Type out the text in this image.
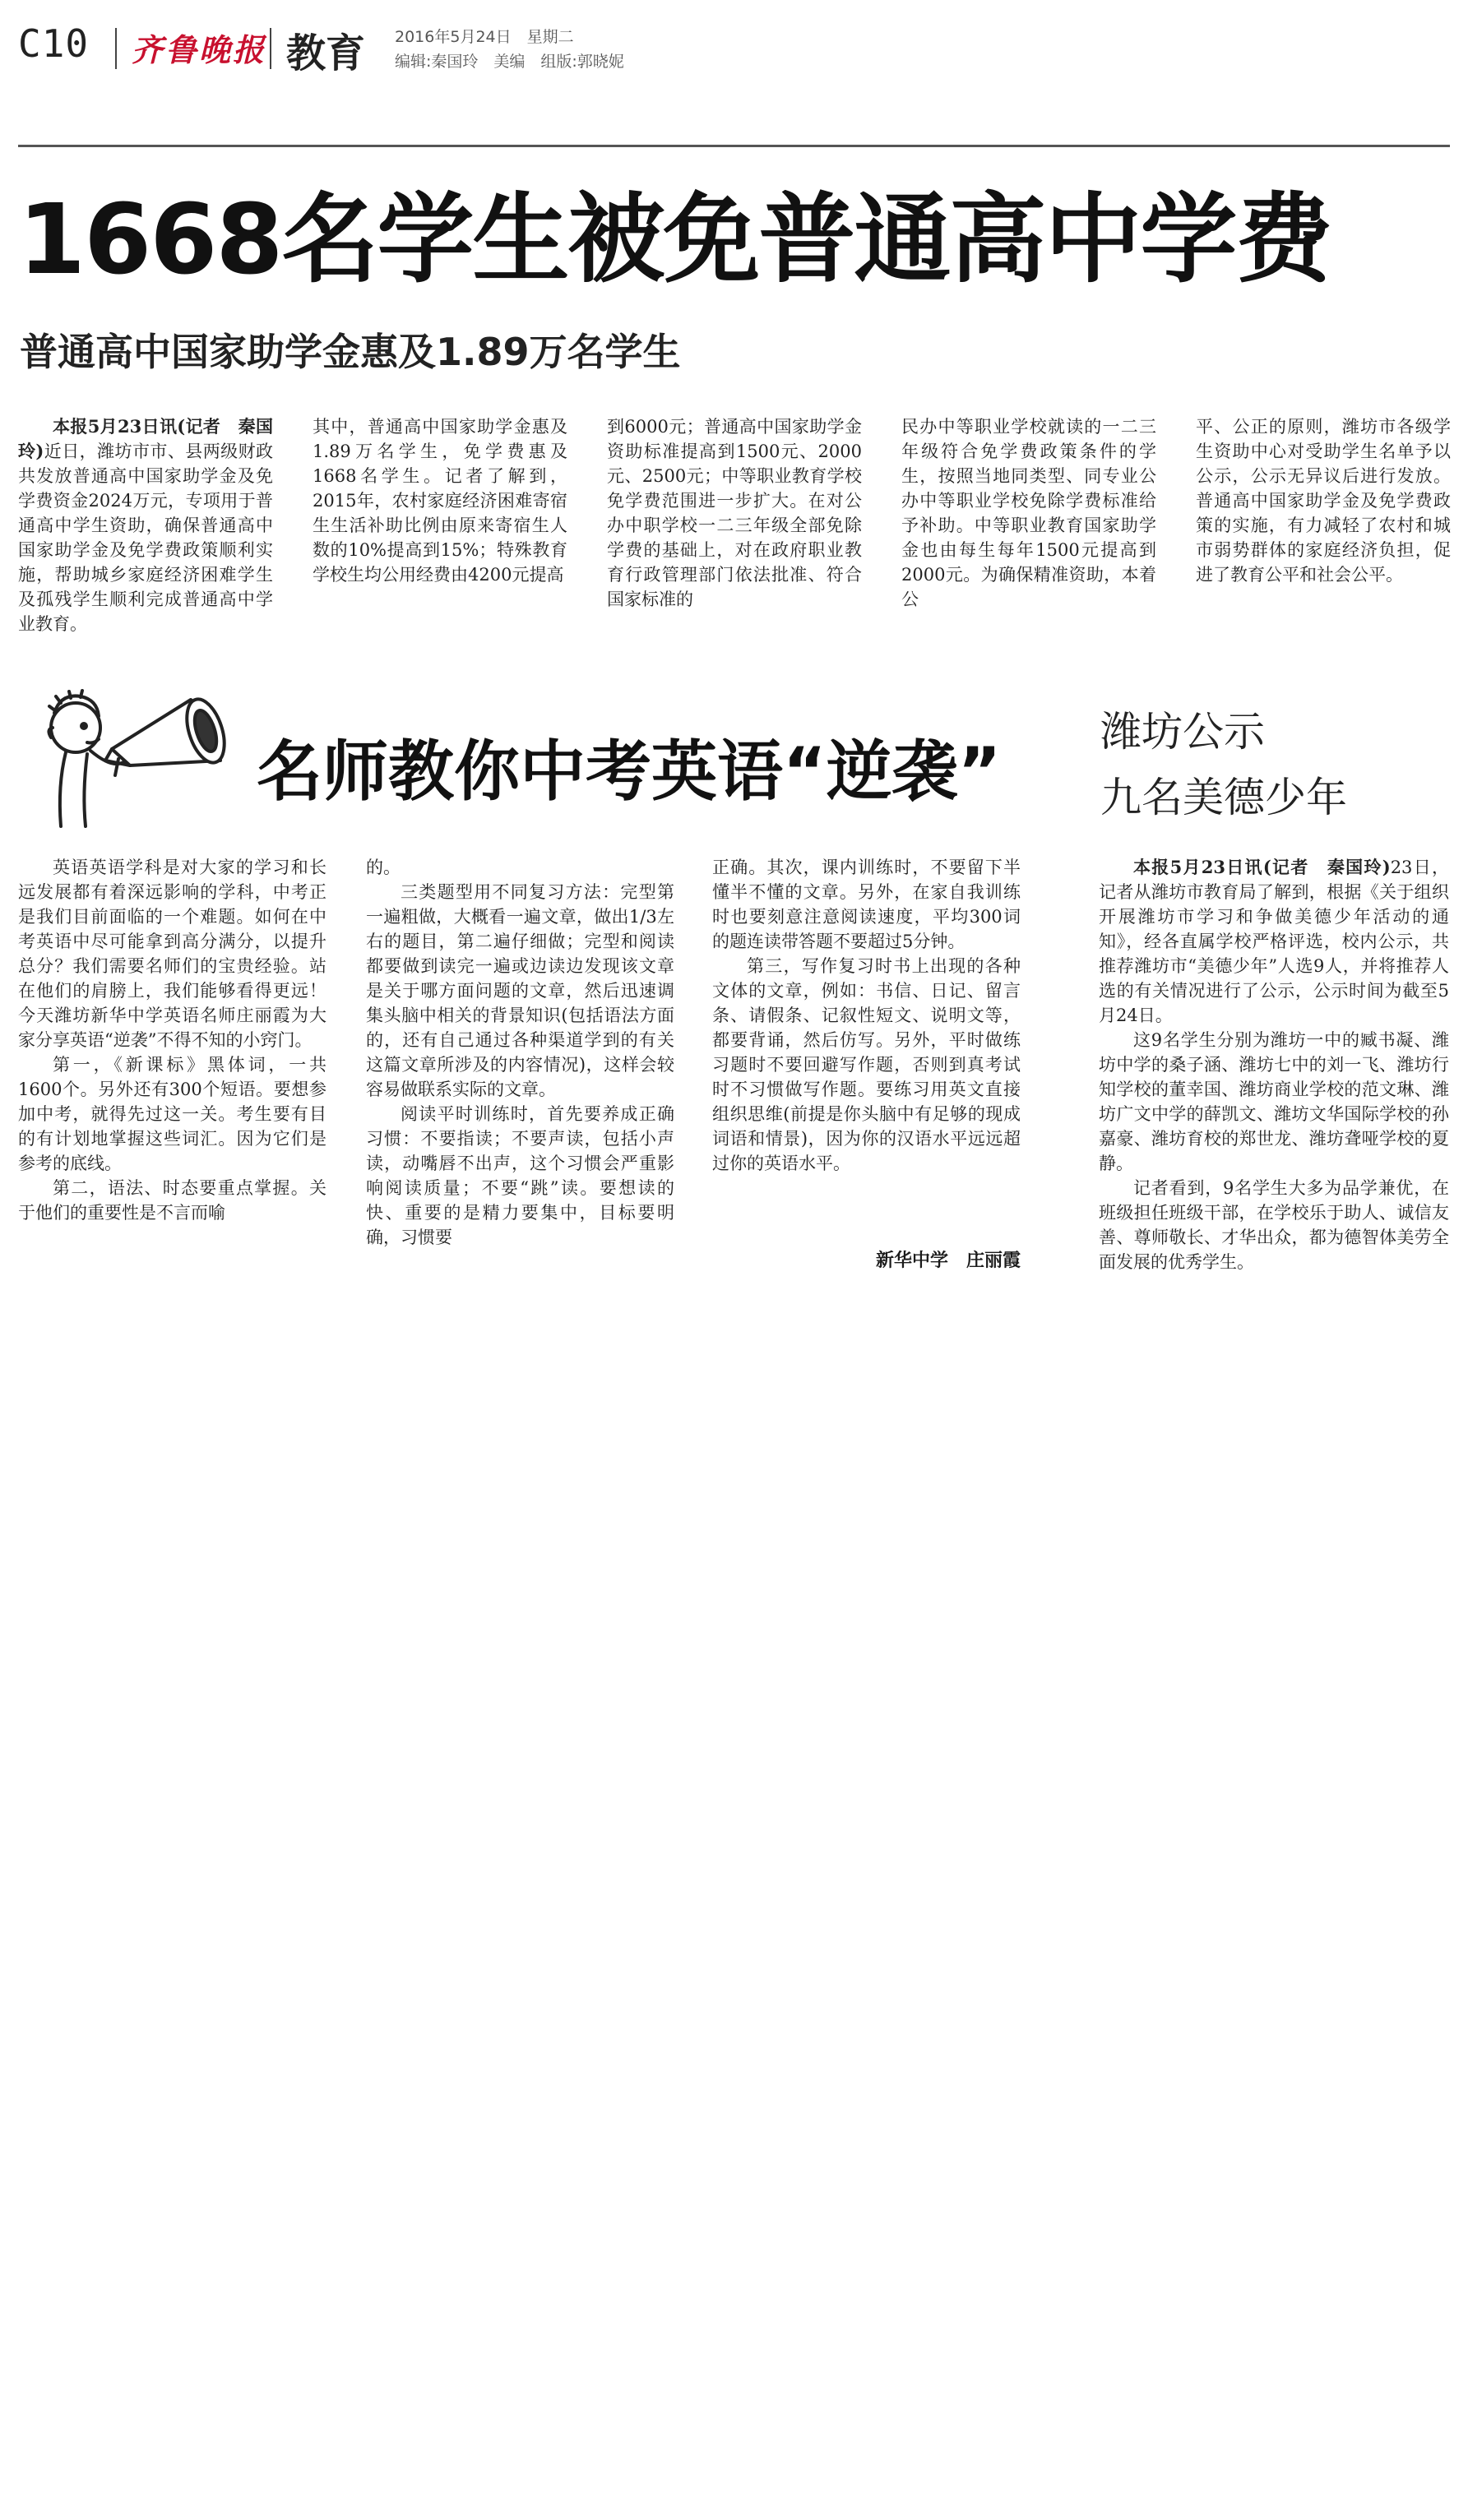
C10 齐鲁晚报 教育 2016年5月24日　星期二
编辑:秦国玲　美编　组版:郭晓妮
1668名学生被免普通高中学费
普通高中国家助学金惠及1.89万名学生

本报5月23日讯(记者　秦国玲)近日，潍坊市市、县两级财政共发放普通高中国家助学金及免学费资金2024万元，专项用于普通高中学生资助，确保普通高中国家助学金及免学费政策顺利实施，帮助城乡家庭经济困难学生及孤残学生顺利完成普通高中学业教育。

其中，普通高中国家助学金惠及1.89万名学生，免学费惠及1668名学生。记者了解到，2015年，农村家庭经济困难寄宿生生活补助比例由原来寄宿生人数的10%提高到15%；特殊教育学校生均公用经费由4200元提高

到6000元；普通高中国家助学金资助标准提高到1500元、2000元、2500元；中等职业教育学校免学费范围进一步扩大。在对公办中职学校一二三年级全部免除学费的基础上，对在政府职业教育行政管理部门依法批准、符合国家标准的

民办中等职业学校就读的一二三年级符合免学费政策条件的学生，按照当地同类型、同专业公办中等职业学校免除学费标准给予补助。中等职业教育国家助学金也由每生每年1500元提高到2000元。为确保精准资助，本着公

平、公正的原则，潍坊市各级学生资助中心对受助学生名单予以公示，公示无异议后进行发放。普通高中国家助学金及免学费政策的实施，有力减轻了农村和城市弱势群体的家庭经济负担，促进了教育公平和社会公平。

名师教你中考英语“逆袭”

英语英语学科是对大家的学习和长远发展都有着深远影响的学科，中考正是我们目前面临的一个难题。如何在中考英语中尽可能拿到高分满分，以提升总分？我们需要名师们的宝贵经验。站在他们的肩膀上，我们能够看得更远！今天潍坊新华中学英语名师庄丽霞为大家分享英语“逆袭”不得不知的小窍门。

第一，《新课标》黑体词，一共1600个。另外还有300个短语。要想参加中考，就得先过这一关。考生要有目的有计划地掌握这些词汇。因为它们是参考的底线。

第二，语法、时态要重点掌握。关于他们的重要性是不言而喻

的。

三类题型用不同复习方法：完型第一遍粗做，大概看一遍文章，做出1/3左右的题目，第二遍仔细做；完型和阅读都要做到读完一遍或边读边发现该文章是关于哪方面问题的文章，然后迅速调集头脑中相关的背景知识(包括语法方面的，还有自己通过各种渠道学到的有关这篇文章所涉及的内容情况)，这样会较容易做联系实际的文章。

阅读平时训练时，首先要养成正确习惯：不要指读；不要声读，包括小声读，动嘴唇不出声，这个习惯会严重影响阅读质量；不要“跳”读。要想读的快、重要的是精力要集中，目标要明确，习惯要

正确。其次，课内训练时，不要留下半懂半不懂的文章。另外，在家自我训练时也要刻意注意阅读速度，平均300词的题连读带答题不要超过5分钟。

第三，写作复习时书上出现的各种文体的文章，例如：书信、日记、留言条、请假条、记叙性短文、说明文等，都要背诵，然后仿写。另外，平时做练习题时不要回避写作题，否则到真考试时不习惯做写作题。要练习用英文直接组织思维(前提是你头脑中有足够的现成词语和情景)，因为你的汉语水平远远超过你的英语水平。

新华中学　庄丽霞
潍坊公示
九名美德少年

本报5月23日讯(记者　秦国玲)23日，记者从潍坊市教育局了解到，根据《关于组织开展潍坊市学习和争做美德少年活动的通知》，经各直属学校严格评选，校内公示，共推荐潍坊市“美德少年”人选9人，并将推荐人选的有关情况进行了公示，公示时间为截至5月24日。

这9名学生分别为潍坊一中的臧书凝、潍坊中学的桑子涵、潍坊七中的刘一飞、潍坊行知学校的董幸国、潍坊商业学校的范文琳、潍坊广文中学的薛凯文、潍坊文华国际学校的孙嘉豪、潍坊育校的郑世龙、潍坊聋哑学校的夏静。

记者看到，9名学生大多为品学兼优，在班级担任班级干部，在学校乐于助人、诚信友善、尊师敬长、才华出众，都为德智体美劳全面发展的优秀学生。
